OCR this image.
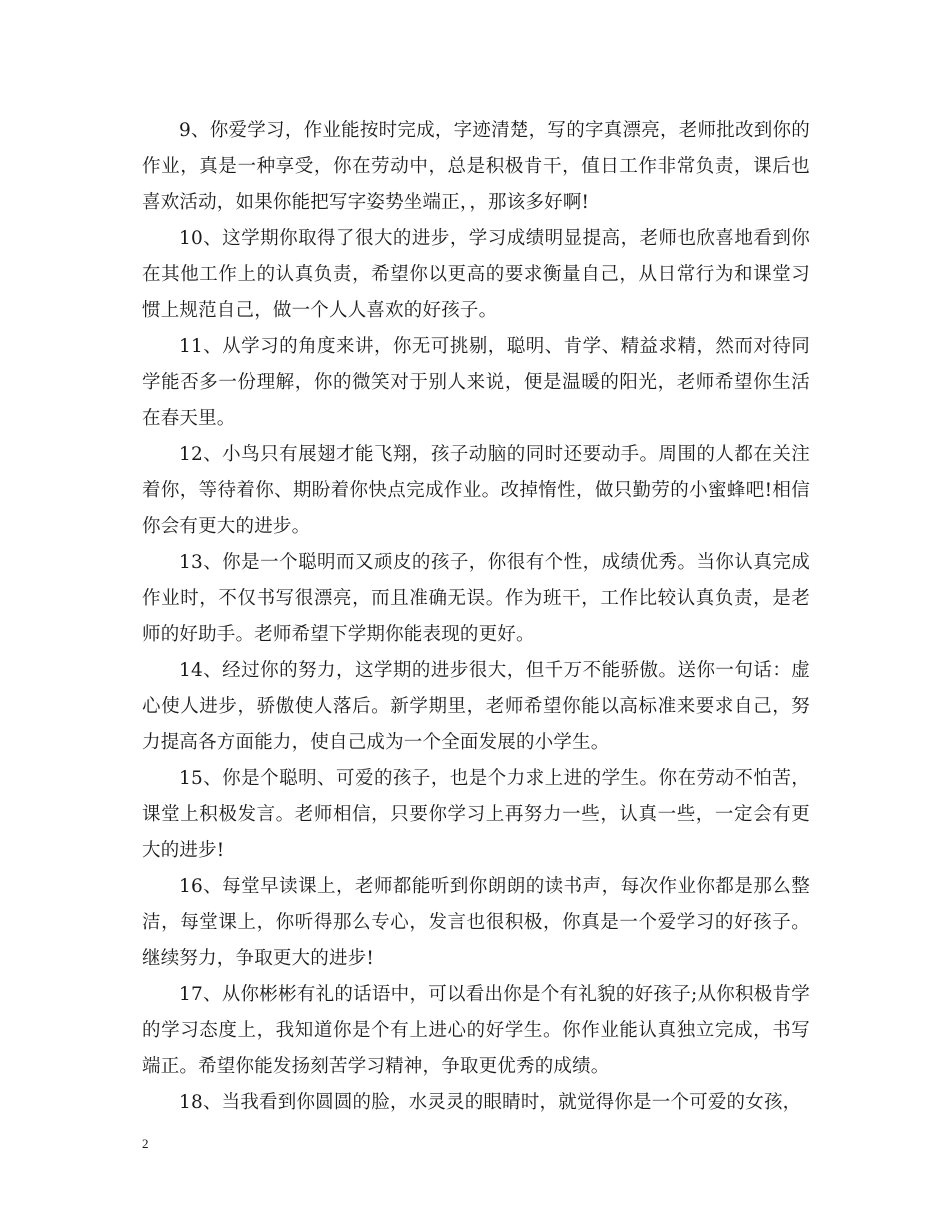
9、你爱学习，作业能按时完成，字迹清楚，写的字真漂亮，老师批改到你的作业，真是一种享受，你在劳动中，总是积极肯干，值日工作非常负责，课后也喜欢活动，如果你能把写字姿势坐端正，，那该多好啊!

10、这学期你取得了很大的进步，学习成绩明显提高，老师也欣喜地看到你在其他工作上的认真负责，希望你以更高的要求衡量自己，从日常行为和课堂习惯上规范自己，做一个人人喜欢的好孩子。

11、从学习的角度来讲，你无可挑剔，聪明、肯学、精益求精，然而对待同学能否多一份理解，你的微笑对于别人来说，便是温暖的阳光，老师希望你生活在春天里。

12、小鸟只有展翅才能飞翔，孩子动脑的同时还要动手。周围的人都在关注着你，等待着你、期盼着你快点完成作业。改掉惰性，做只勤劳的小蜜蜂吧!相信你会有更大的进步。

13、你是一个聪明而又顽皮的孩子，你很有个性，成绩优秀。当你认真完成作业时，不仅书写很漂亮，而且准确无误。作为班干，工作比较认真负责，是老师的好助手。老师希望下学期你能表现的更好。

14、经过你的努力，这学期的进步很大，但千万不能骄傲。送你一句话：虚心使人进步，骄傲使人落后。新学期里，老师希望你能以高标准来要求自己，努力提高各方面能力，使自己成为一个全面发展的小学生。

15、你是个聪明、可爱的孩子，也是个力求上进的学生。你在劳动不怕苦，课堂上积极发言。老师相信，只要你学习上再努力一些，认真一些，一定会有更大的进步!

16、每堂早读课上，老师都能听到你朗朗的读书声，每次作业你都是那么整洁，每堂课上，你听得那么专心，发言也很积极，你真是一个爱学习的好孩子。继续努力，争取更大的进步!

17、从你彬彬有礼的话语中，可以看出你是个有礼貌的好孩子;从你积极肯学的学习态度上，我知道你是个有上进心的好学生。你作业能认真独立完成，书写端正。希望你能发扬刻苦学习精神，争取更优秀的成绩。

18、当我看到你圆圆的脸，水灵灵的眼睛时，就觉得你是一个可爱的女孩，

2
